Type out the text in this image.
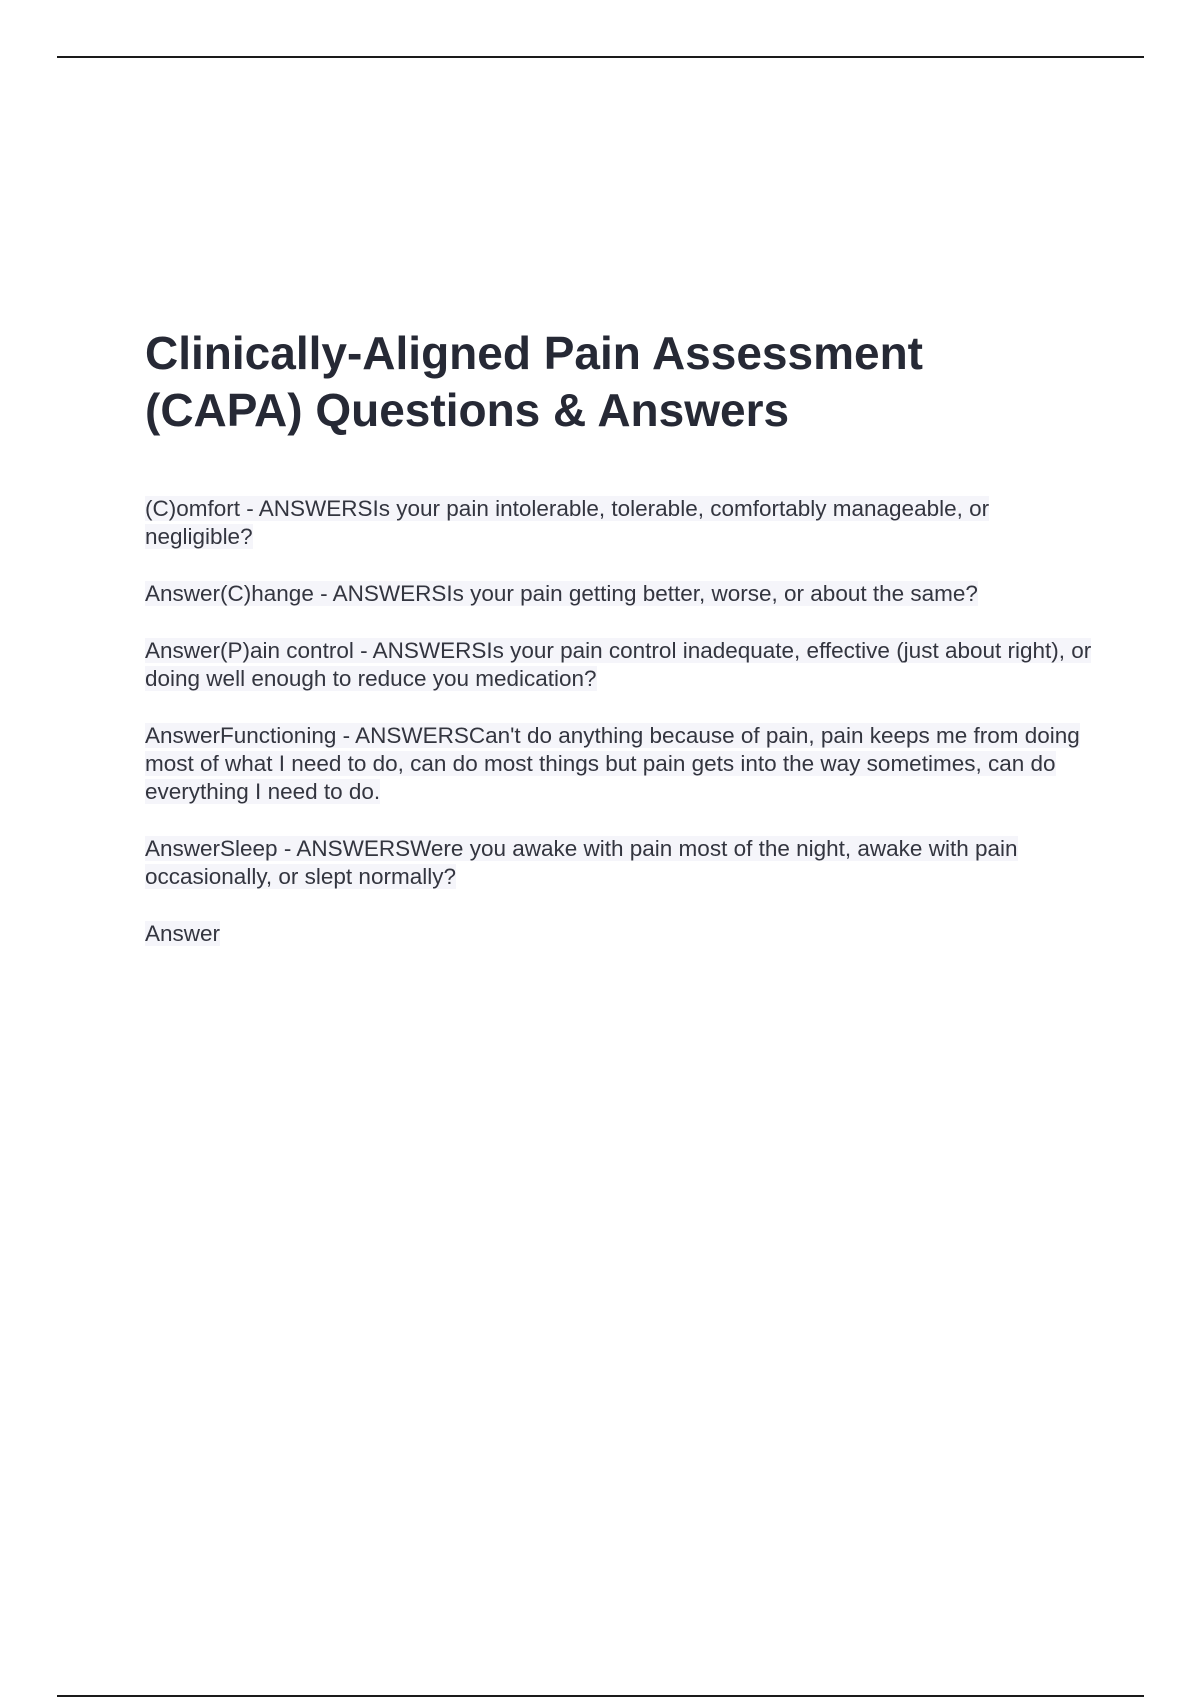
Clinically-Aligned Pain Assessment
(CAPA) Questions & Answers

(C)omfort - ANSWERSIs your pain intolerable, tolerable, comfortably manageable, or negligible?

Answer(C)hange - ANSWERSIs your pain getting better, worse, or about the same?

Answer(P)ain control - ANSWERSIs your pain control inadequate, effective (just about right), or doing well enough to reduce you medication?

AnswerFunctioning - ANSWERSCan't do anything because of pain, pain keeps me from doing most of what I need to do, can do most things but pain gets into the way sometimes, can do everything I need to do.

AnswerSleep - ANSWERSWere you awake with pain most of the night, awake with pain occasionally, or slept normally?

Answer
